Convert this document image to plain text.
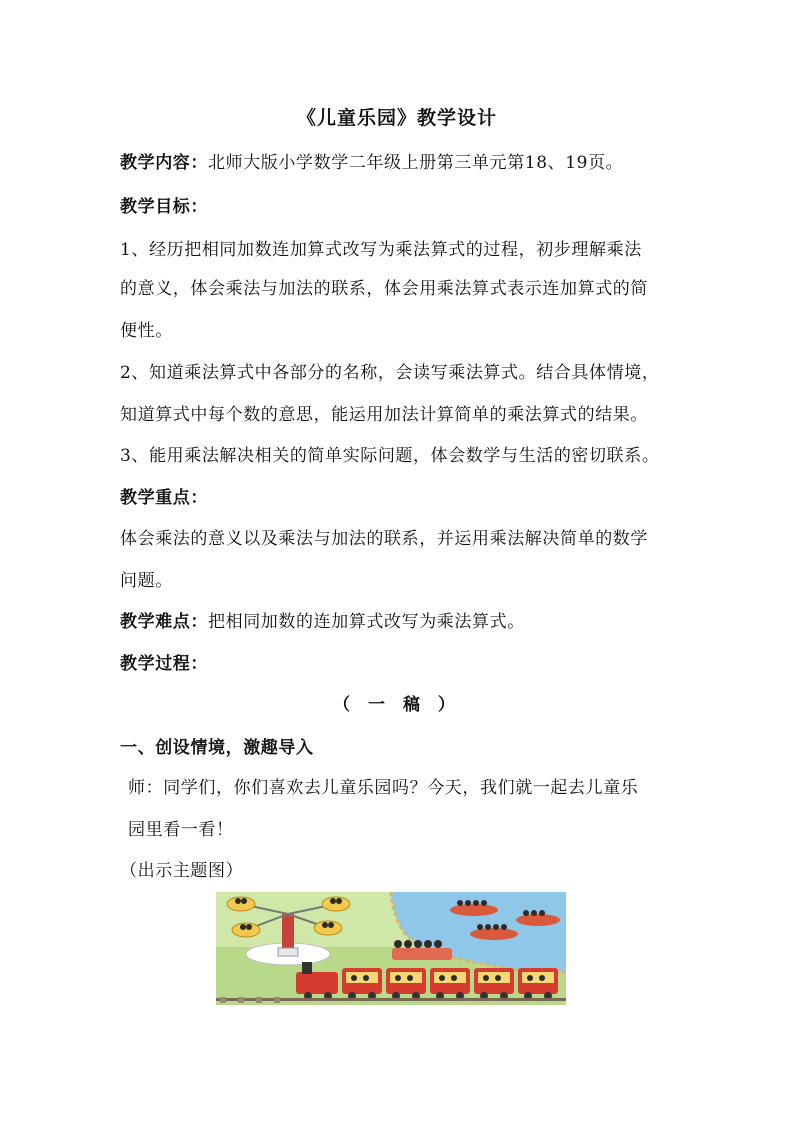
《儿童乐园》教学设计
教学内容：北师大版小学数学二年级上册第三单元第18、19页。
教学目标：
1、经历把相同加数连加算式改写为乘法算式的过程，初步理解乘法
的意义，体会乘法与加法的联系，体会用乘法算式表示连加算式的简
便性。
2、知道乘法算式中各部分的名称，会读写乘法算式。结合具体情境，
知道算式中每个数的意思，能运用加法计算简单的乘法算式的结果。
3、能用乘法解决相关的简单实际问题，体会数学与生活的密切联系。
教学重点：
体会乘法的意义以及乘法与加法的联系，并运用乘法解决简单的数学
问题。
教学难点：把相同加数的连加算式改写为乘法算式。
教学过程：
（ 一 稿 ）
一、创设情境，激趣导入
师：同学们，你们喜欢去儿童乐园吗？今天，我们就一起去儿童乐
园里看一看！
（出示主题图）
